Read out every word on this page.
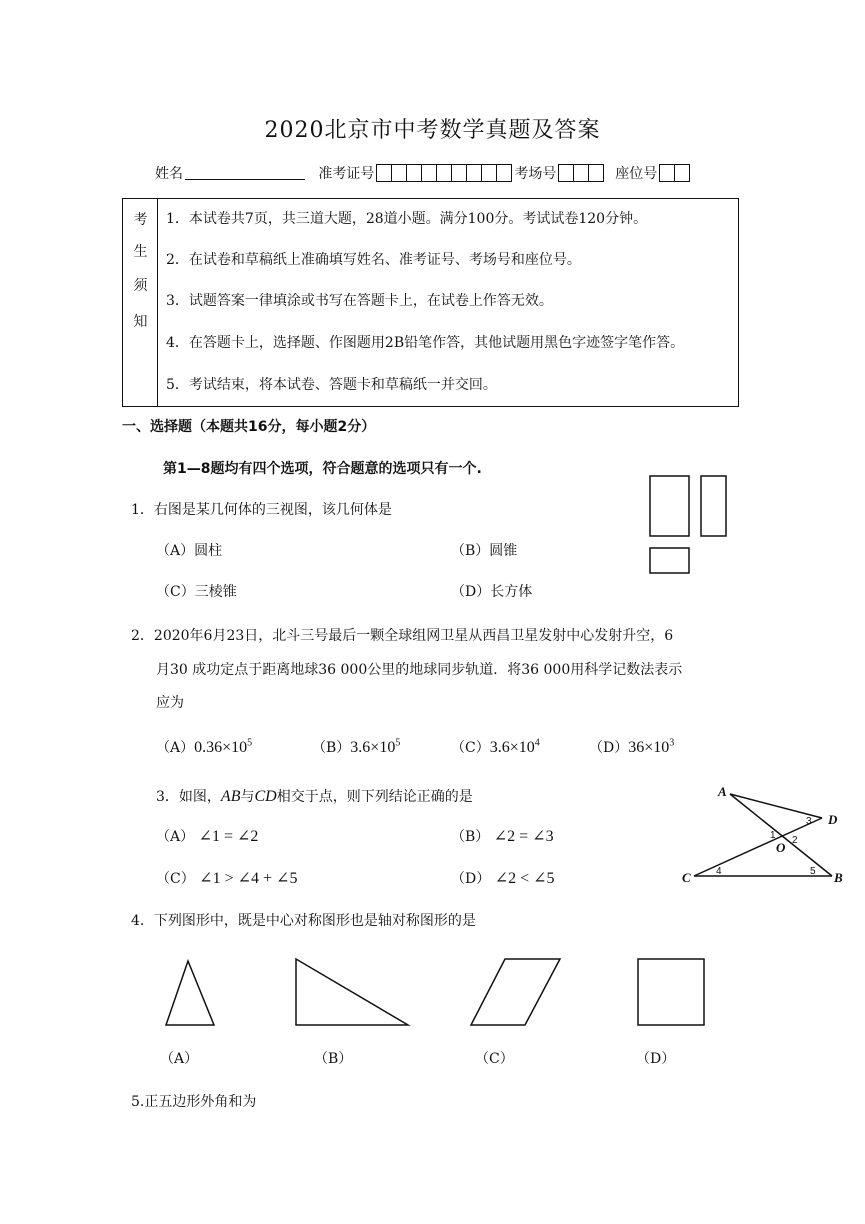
2020北京市中考数学真题及答案
姓名	准考证号	考场号	座位号
考
生
须
知
1．本试卷共7页，共三道大题，28道小题。满分100分。考试试卷120分钟。
2．在试卷和草稿纸上准确填写姓名、准考证号、考场号和座位号。
3．试题答案一律填涂或书写在答题卡上，在试卷上作答无效。
4．在答题卡上，选择题、作图题用2B铅笔作答，其他试题用黑色字迹签字笔作答。
5．考试结束，将本试卷、答题卡和草稿纸一并交回。
一、选择题（本题共16分，每小题2分）
第1—8题均有四个选项，符合题意的选项只有一个.
1．右图是某几何体的三视图，该几何体是
（A）圆柱	（B）圆锥
（C）三棱锥	（D）长方体
2．2020年6月23日，北斗三号最后一颗全球组网卫星从西昌卫星发射中心发射升空，6
月30 成功定点于距离地球36 000公里的地球同步轨道．将36 000用科学记数法表示
应为
$(A)0.36\times 10^5$	$(B)3.6\times 10^5$	$(C)3.6\times 10^4$	$(D)36\times 10^3$
3．如图，AB与CD相交于点，则下列结论正确的是
（A） ∠1 = ∠2	（B） ∠2 = ∠3
（C） ∠1 > ∠4 + ∠5	（D） ∠2 < ∠5
A
D
C	B
O
1 2
3
4	5
4．下列图形中，既是中心对称图形也是轴对称图形的是
（A）	（B）	（C）	（D）
5.正五边形外角和为
